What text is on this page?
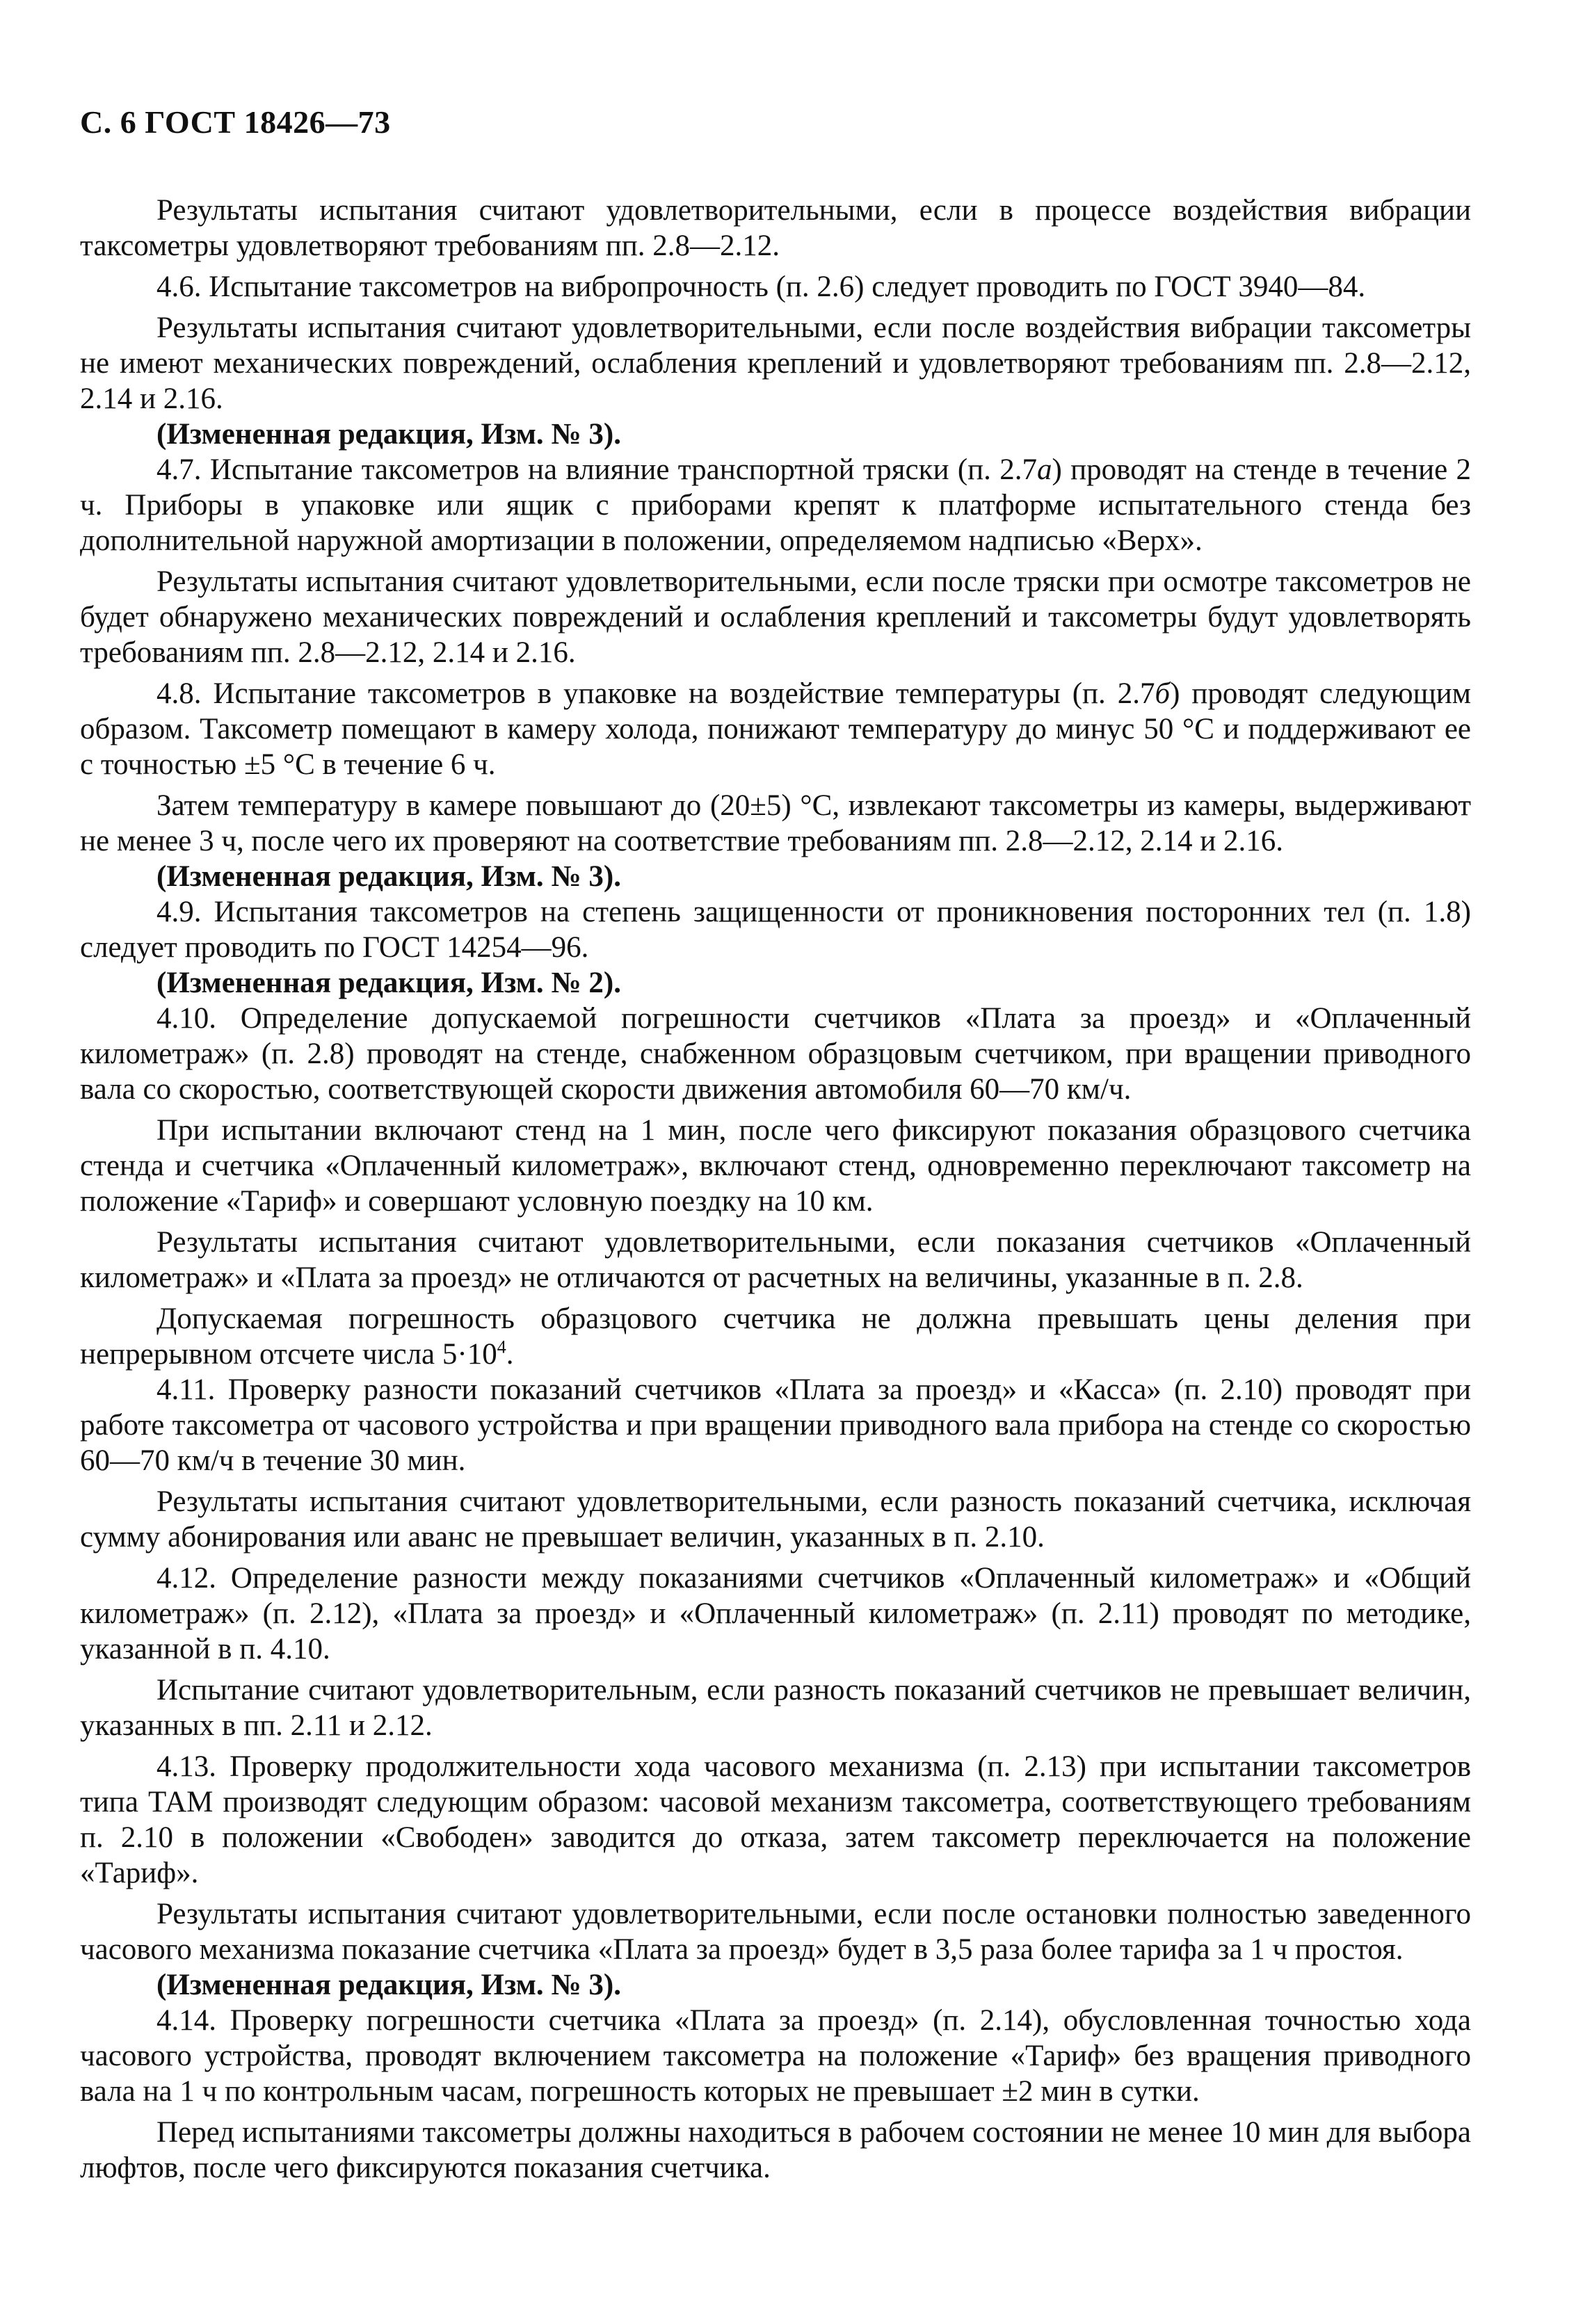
С. 6 ГОСТ 18426—73

Результаты испытания считают удовлетворительными, если в процессе воздействия вибрации таксометры удовлетворяют требованиям пп. 2.8—2.12.

4.6. Испытание таксометров на вибропрочность (п. 2.6) следует проводить по ГОСТ 3940—84.

Результаты испытания считают удовлетворительными, если после воздействия вибрации таксометры не имеют механических повреждений, ослабления креплений и удовлетворяют требованиям пп. 2.8—2.12, 2.14 и 2.16.

(Измененная редакция, Изм. № 3).

4.7. Испытание таксометров на влияние транспортной тряски (п. 2.7а) проводят на стенде в течение 2 ч. Приборы в упаковке или ящик с приборами крепят к платформе испытательного стенда без дополнительной наружной амортизации в положении, определяемом надписью «Верх».

Результаты испытания считают удовлетворительными, если после тряски при осмотре таксометров не будет обнаружено механических повреждений и ослабления креплений и таксометры будут удовлетворять требованиям пп. 2.8—2.12, 2.14 и 2.16.

4.8. Испытание таксометров в упаковке на воздействие температуры (п. 2.7б) проводят следующим образом. Таксометр помещают в камеру холода, понижают температуру до минус 50 °С и поддерживают ее с точностью ±5 °С в течение 6 ч.

Затем температуру в камере повышают до (20±5) °С, извлекают таксометры из камеры, выдерживают не менее 3 ч, после чего их проверяют на соответствие требованиям пп. 2.8—2.12, 2.14 и 2.16.

(Измененная редакция, Изм. № 3).

4.9. Испытания таксометров на степень защищенности от проникновения посторонних тел (п. 1.8) следует проводить по ГОСТ 14254—96.

(Измененная редакция, Изм. № 2).

4.10. Определение допускаемой погрешности счетчиков «Плата за проезд» и «Оплаченный километраж» (п. 2.8) проводят на стенде, снабженном образцовым счетчиком, при вращении приводного вала со скоростью, соответствующей скорости движения автомобиля 60—70 км/ч.

При испытании включают стенд на 1 мин, после чего фиксируют показания образцового счетчика стенда и счетчика «Оплаченный километраж», включают стенд, одновременно переключают таксометр на положение «Тариф» и совершают условную поездку на 10 км.

Результаты испытания считают удовлетворительными, если показания счетчиков «Оплаченный километраж» и «Плата за проезд» не отличаются от расчетных на величины, указанные в п. 2.8.

Допускаемая погрешность образцового счетчика не должна превышать цены деления при непрерывном отсчете числа $5\cdot 10^4$.

4.11. Проверку разности показаний счетчиков «Плата за проезд» и «Касса» (п. 2.10) проводят при работе таксометра от часового устройства и при вращении приводного вала прибора на стенде со скоростью 60—70 км/ч в течение 30 мин.

Результаты испытания считают удовлетворительными, если разность показаний счетчика, исключая сумму абонирования или аванс не превышает величин, указанных в п. 2.10.

4.12. Определение разности между показаниями счетчиков «Оплаченный километраж» и «Общий километраж» (п. 2.12), «Плата за проезд» и «Оплаченный километраж» (п. 2.11) проводят по методике, указанной в п. 4.10.

Испытание считают удовлетворительным, если разность показаний счетчиков не превышает величин, указанных в пп. 2.11 и 2.12.

4.13. Проверку продолжительности хода часового механизма (п. 2.13) при испытании таксометров типа ТАМ производят следующим образом: часовой механизм таксометра, соответствующего требованиям п. 2.10 в положении «Свободен» заводится до отказа, затем таксометр переключается на положение «Тариф».

Результаты испытания считают удовлетворительными, если после остановки полностью заведенного часового механизма показание счетчика «Плата за проезд» будет в 3,5 раза более тарифа за 1 ч простоя.

(Измененная редакция, Изм. № 3).

4.14. Проверку погрешности счетчика «Плата за проезд» (п. 2.14), обусловленная точностью хода часового устройства, проводят включением таксометра на положение «Тариф» без вращения приводного вала на 1 ч по контрольным часам, погрешность которых не превышает ±2 мин в сутки.

Перед испытаниями таксометры должны находиться в рабочем состоянии не менее 10 мин для выбора люфтов, после чего фиксируются показания счетчика.
